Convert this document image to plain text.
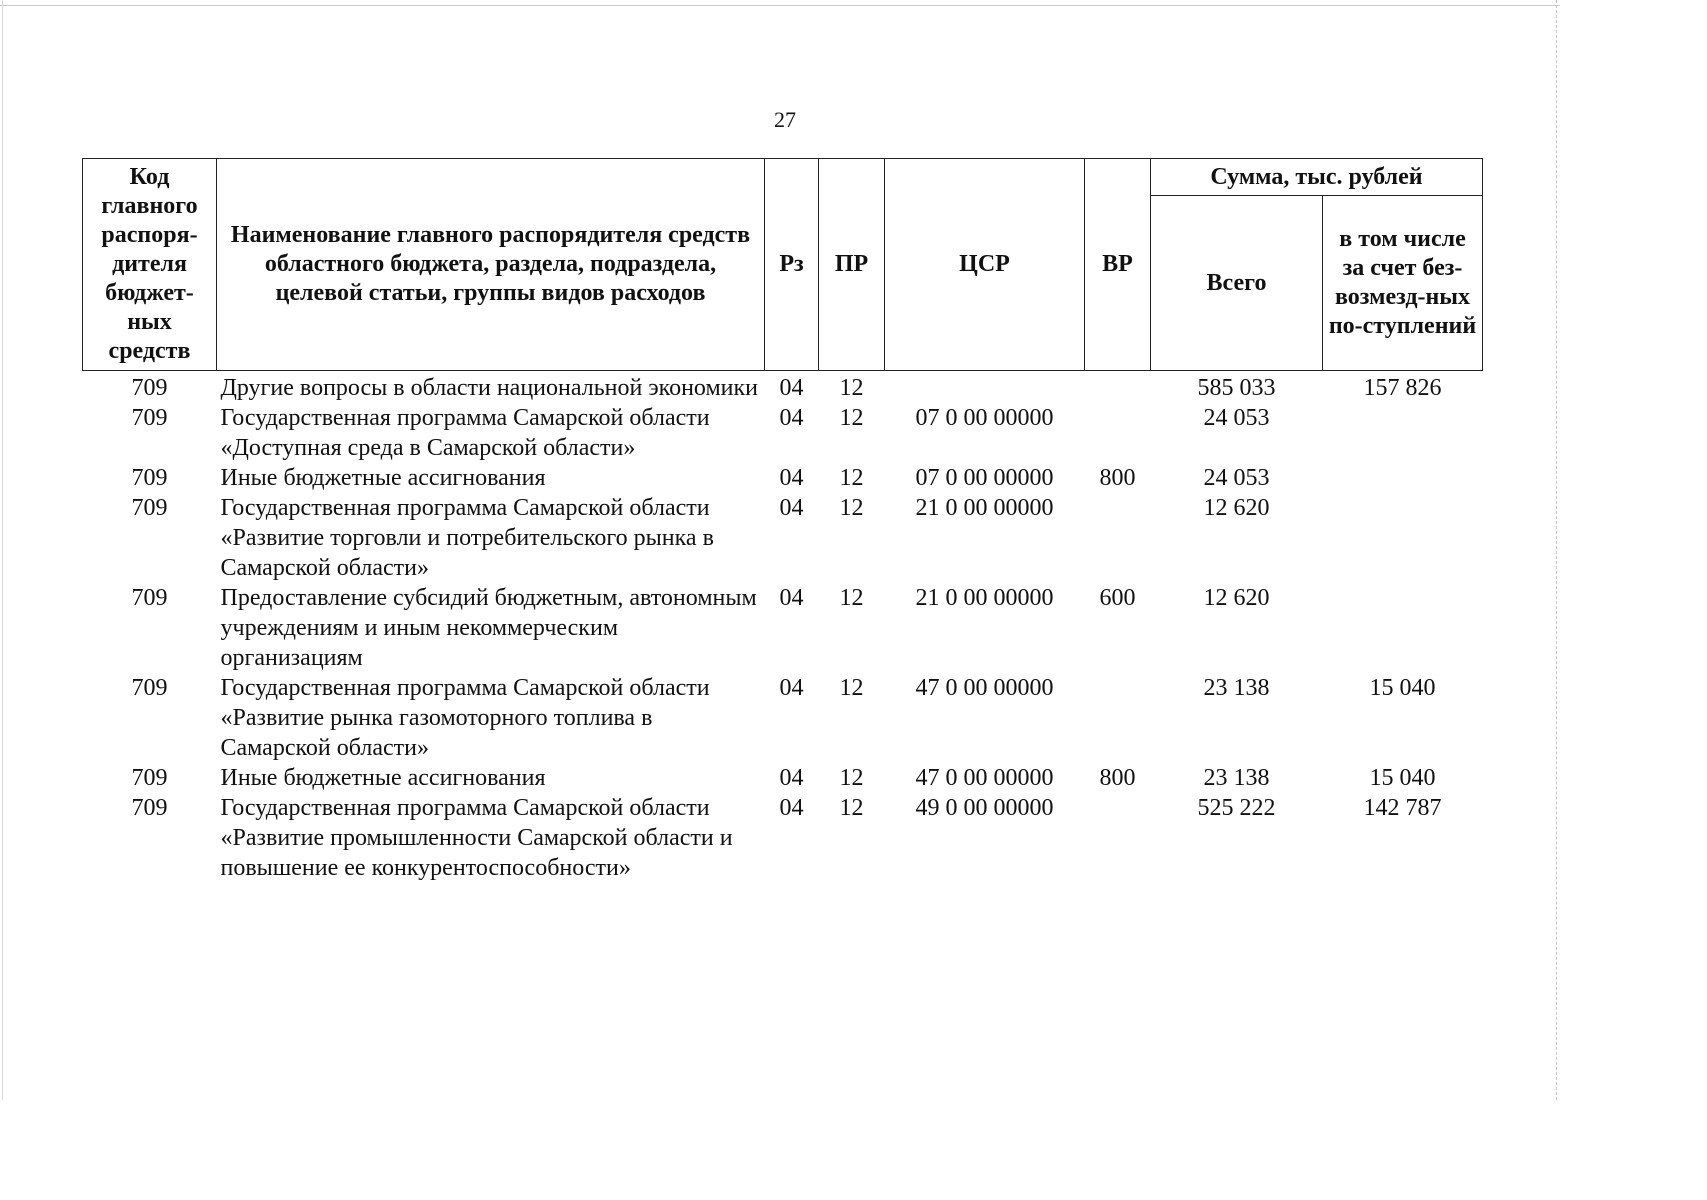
27
Код главного распоря-дителя бюджет-ных средств	Наименование главного распорядителя средств областного бюджета, раздела, подраздела, целевой статьи, группы видов расходов	Рз	ПР	ЦСР	ВР	Сумма, тыс. рублей	
						Всего	в том числе за счет без-возмезд-ных по-ступлений
709	Другие вопросы в области национальной экономики	04	12			585 033	157 826
709	Государственная программа Самарской области «Доступная среда в Самарской области»	04	12	07 0 00 00000		24 053	
709	Иные бюджетные ассигнования	04	12	07 0 00 00000	800	24 053	
709	Государственная программа Самарской области «Развитие торговли и потребительского рынка в Самарской области»	04	12	21 0 00 00000		12 620	
709	Предоставление субсидий бюджетным, автономным учреждениям и иным некоммерческим организациям	04	12	21 0 00 00000	600	12 620	
709	Государственная программа Самарской области «Развитие рынка газомоторного топлива в Самарской области»	04	12	47 0 00 00000		23 138	15 040
709	Иные бюджетные ассигнования	04	12	47 0 00 00000	800	23 138	15 040
709	Государственная программа Самарской области «Развитие промышленности Самарской области и повышение ее конкурентоспособности»	04	12	49 0 00 00000		525 222	142 787
